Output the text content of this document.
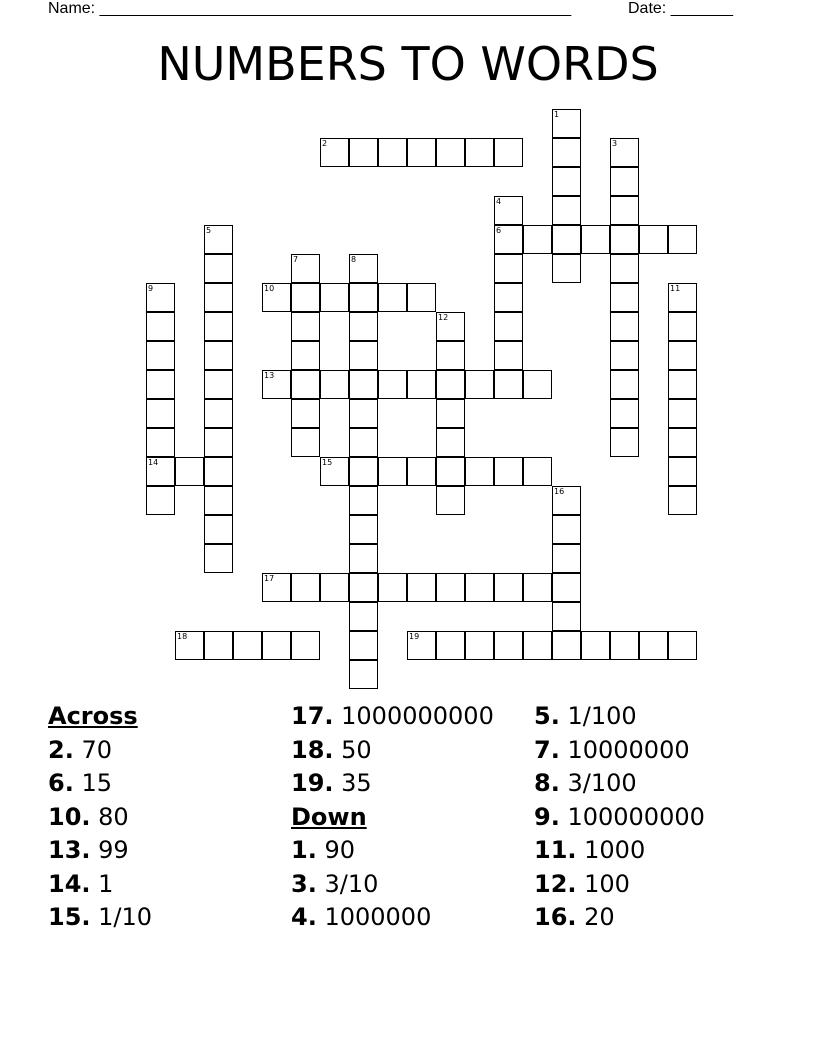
Name: _____________________________________________________	Date: _______
NUMBERS TO WORDS
2
6
10
13
14	15
17
18	19
1
3
4
5
7	8
9	11
12
16
Across
2. 70
6. 15
10. 80
13. 99
14. 1
15. 1/10
17. 1000000000
18. 50
19. 35
Down
1. 90
3. 3/10
4. 1000000
5. 1/100
7. 10000000
8. 3/100
9. 100000000
11. 1000
12. 100
16. 20
